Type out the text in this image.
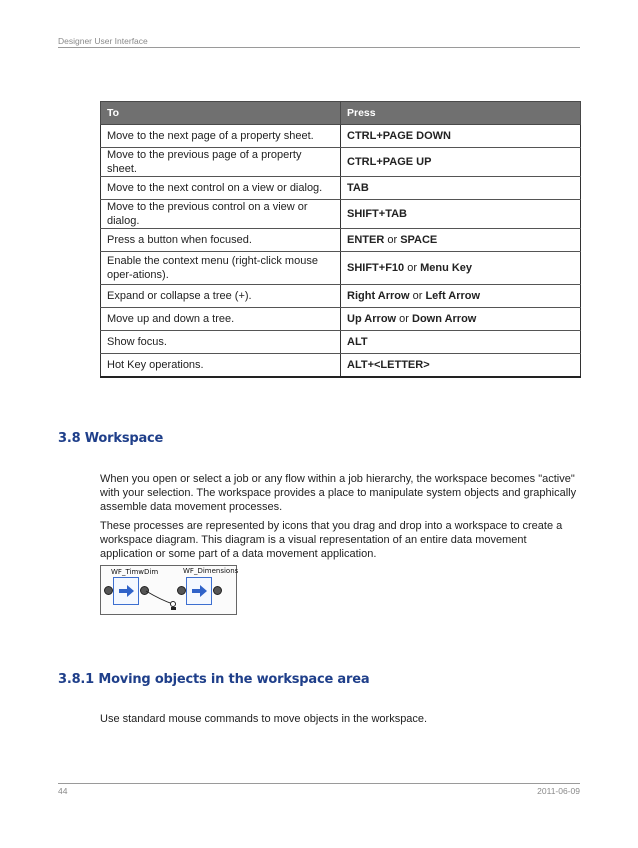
Designer User Interface
To	Press
Move to the next page of a property sheet.	CTRL+PAGE DOWN
Move to the previous page of a property sheet.	CTRL+PAGE UP
Move to the next control on a view or dialog.	TAB
Move to the previous control on a view or dialog.	SHIFT+TAB
Press a button when focused.	ENTER or SPACE
Enable the context menu (right-click mouse oper-ations).	SHIFT+F10 or Menu Key
Expand or collapse a tree (+).	Right Arrow or Left Arrow
Move up and down a tree.	Up Arrow or Down Arrow
Show focus.	ALT
Hot Key operations.	ALT+<LETTER>
3.8 Workspace

When you open or select a job or any flow within a job hierarchy, the workspace becomes "active" with your selection. The workspace provides a place to manipulate system objects and graphically assemble data movement processes.

These processes are represented by icons that you drag and drop into a workspace to create a workspace diagram. This diagram is a visual representation of an entire data movement application or some part of a data movement application.

WF_TimwDim	WF_Dimensions
3.8.1 Moving objects in the workspace area

Use standard mouse commands to move objects in the workspace.

44	2011-06-09
